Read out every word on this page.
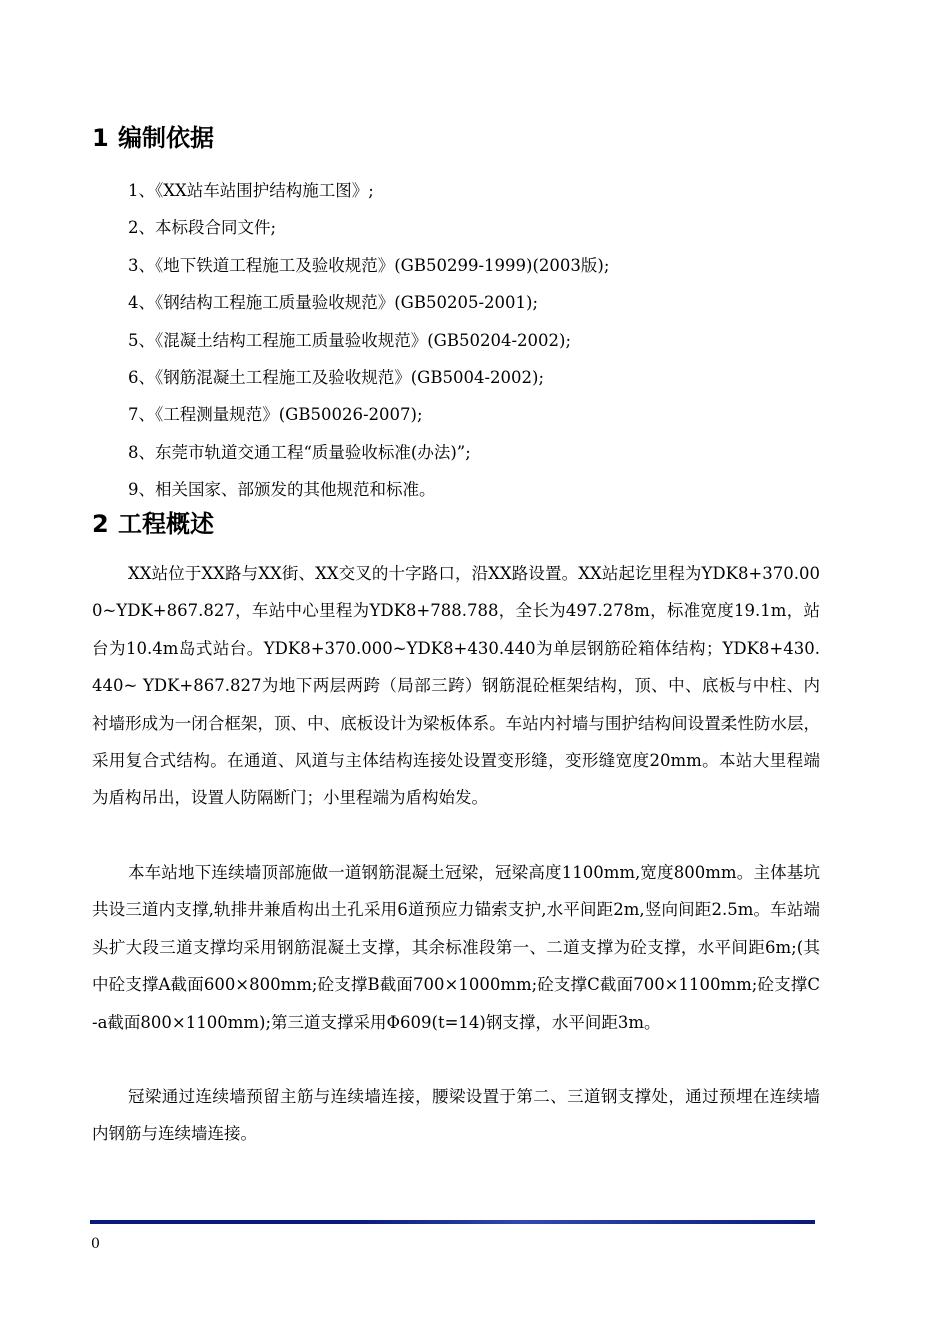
1 编制依据
1、《XX站车站围护结构施工图》;
2、本标段合同文件;
3、《地下铁道工程施工及验收规范》(GB50299-1999)(2003版);
4、《钢结构工程施工质量验收规范》(GB50205-2001);
5、《混凝土结构工程施工质量验收规范》(GB50204-2002);
6、《钢筋混凝土工程施工及验收规范》(GB5004-2002);
7、《工程测量规范》(GB50026-2007);
8、东莞市轨道交通工程“质量验收标准(办法)”;
9、相关国家、部颁发的其他规范和标准。
2 工程概述

XX站位于XX路与XX街、XX交叉的十字路口，沿XX路设置。XX站起讫里程为YDK8+370.000~YDK+867.827，车站中心里程为YDK8+788.788，全长为497.278m，标准宽度19.1m，站台为10.4m岛式站台。YDK8+370.000~YDK8+430.440为单层钢筋砼箱体结构；YDK8+430.440~ YDK+867.827为地下两层两跨（局部三跨）钢筋混砼框架结构，顶、中、底板与中柱、内衬墙形成为一闭合框架，顶、中、底板设计为梁板体系。车站内衬墙与围护结构间设置柔性防水层，采用复合式结构。在通道、风道与主体结构连接处设置变形缝，变形缝宽度20mm。本站大里程端为盾构吊出，设置人防隔断门；小里程端为盾构始发。

本车站地下连续墙顶部施做一道钢筋混凝土冠梁，冠梁高度1100mm,宽度800mm。主体基坑共设三道内支撑,轨排井兼盾构出土孔采用6道预应力锚索支护,水平间距2m,竖向间距2.5m。车站端头扩大段三道支撑均采用钢筋混凝土支撑，其余标准段第一、二道支撑为砼支撑，水平间距6m;(其中砼支撑A截面600×800mm;砼支撑B截面700×1000mm;砼支撑C截面700×1100mm;砼支撑C-a截面800×1100mm);第三道支撑采用Φ609(t=14)钢支撑，水平间距3m。

冠梁通过连续墙预留主筋与连续墙连接，腰梁设置于第二、三道钢支撑处，通过预埋在连续墙内钢筋与连续墙连接。

0
